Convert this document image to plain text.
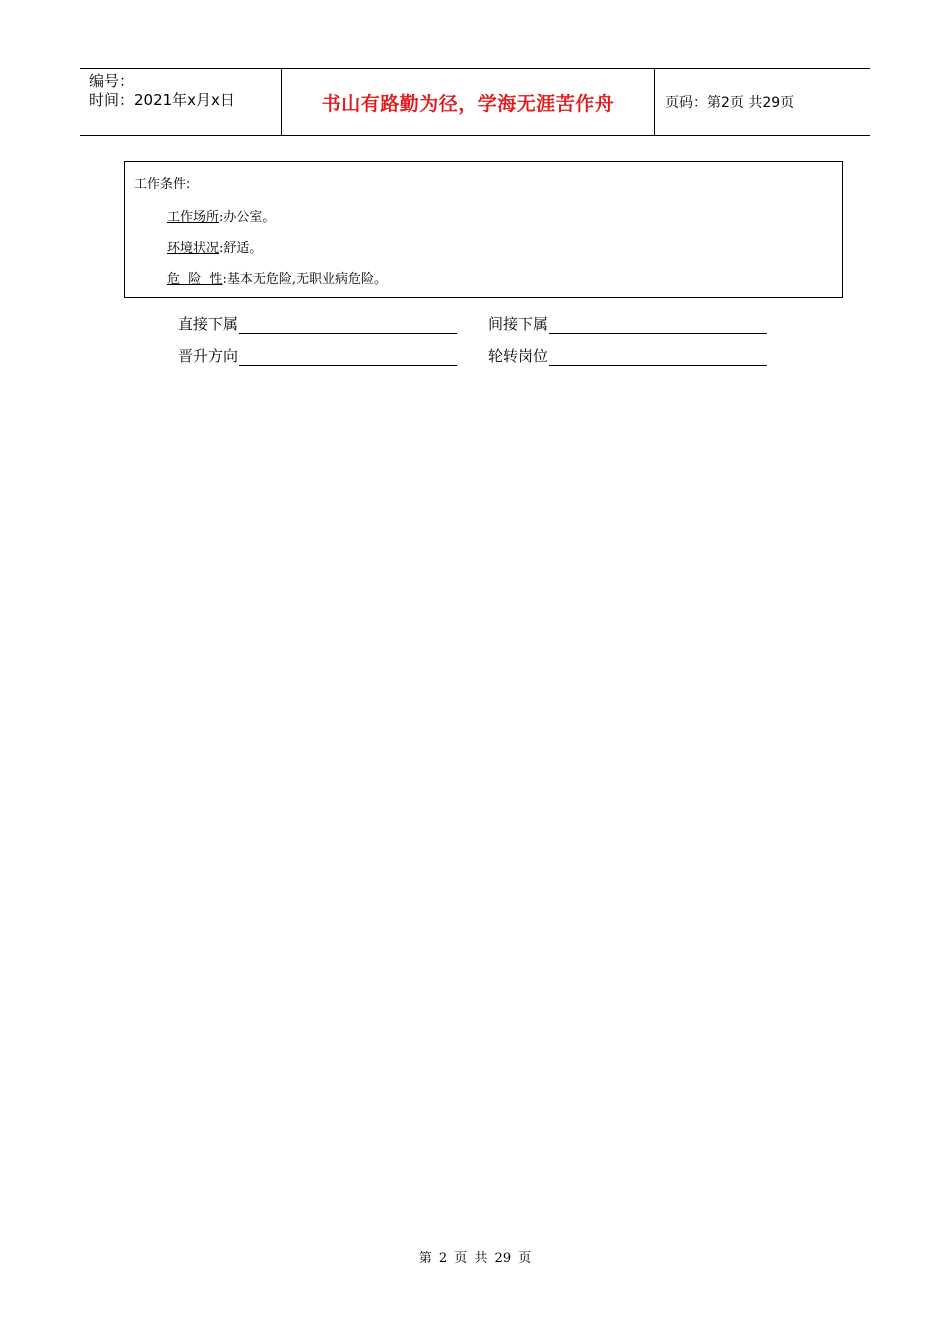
编号：
时间：2021年x月x日	书山有路勤为径，学海无涯苦作舟	页码：第2页 共29页
工作条件:
工作场所:办公室。
环境状况:舒适。
危  险  性:基本无危险,无职业病危险。
直接下属	间接下属
晋升方向	轮转岗位
第 2 页 共 29 页
